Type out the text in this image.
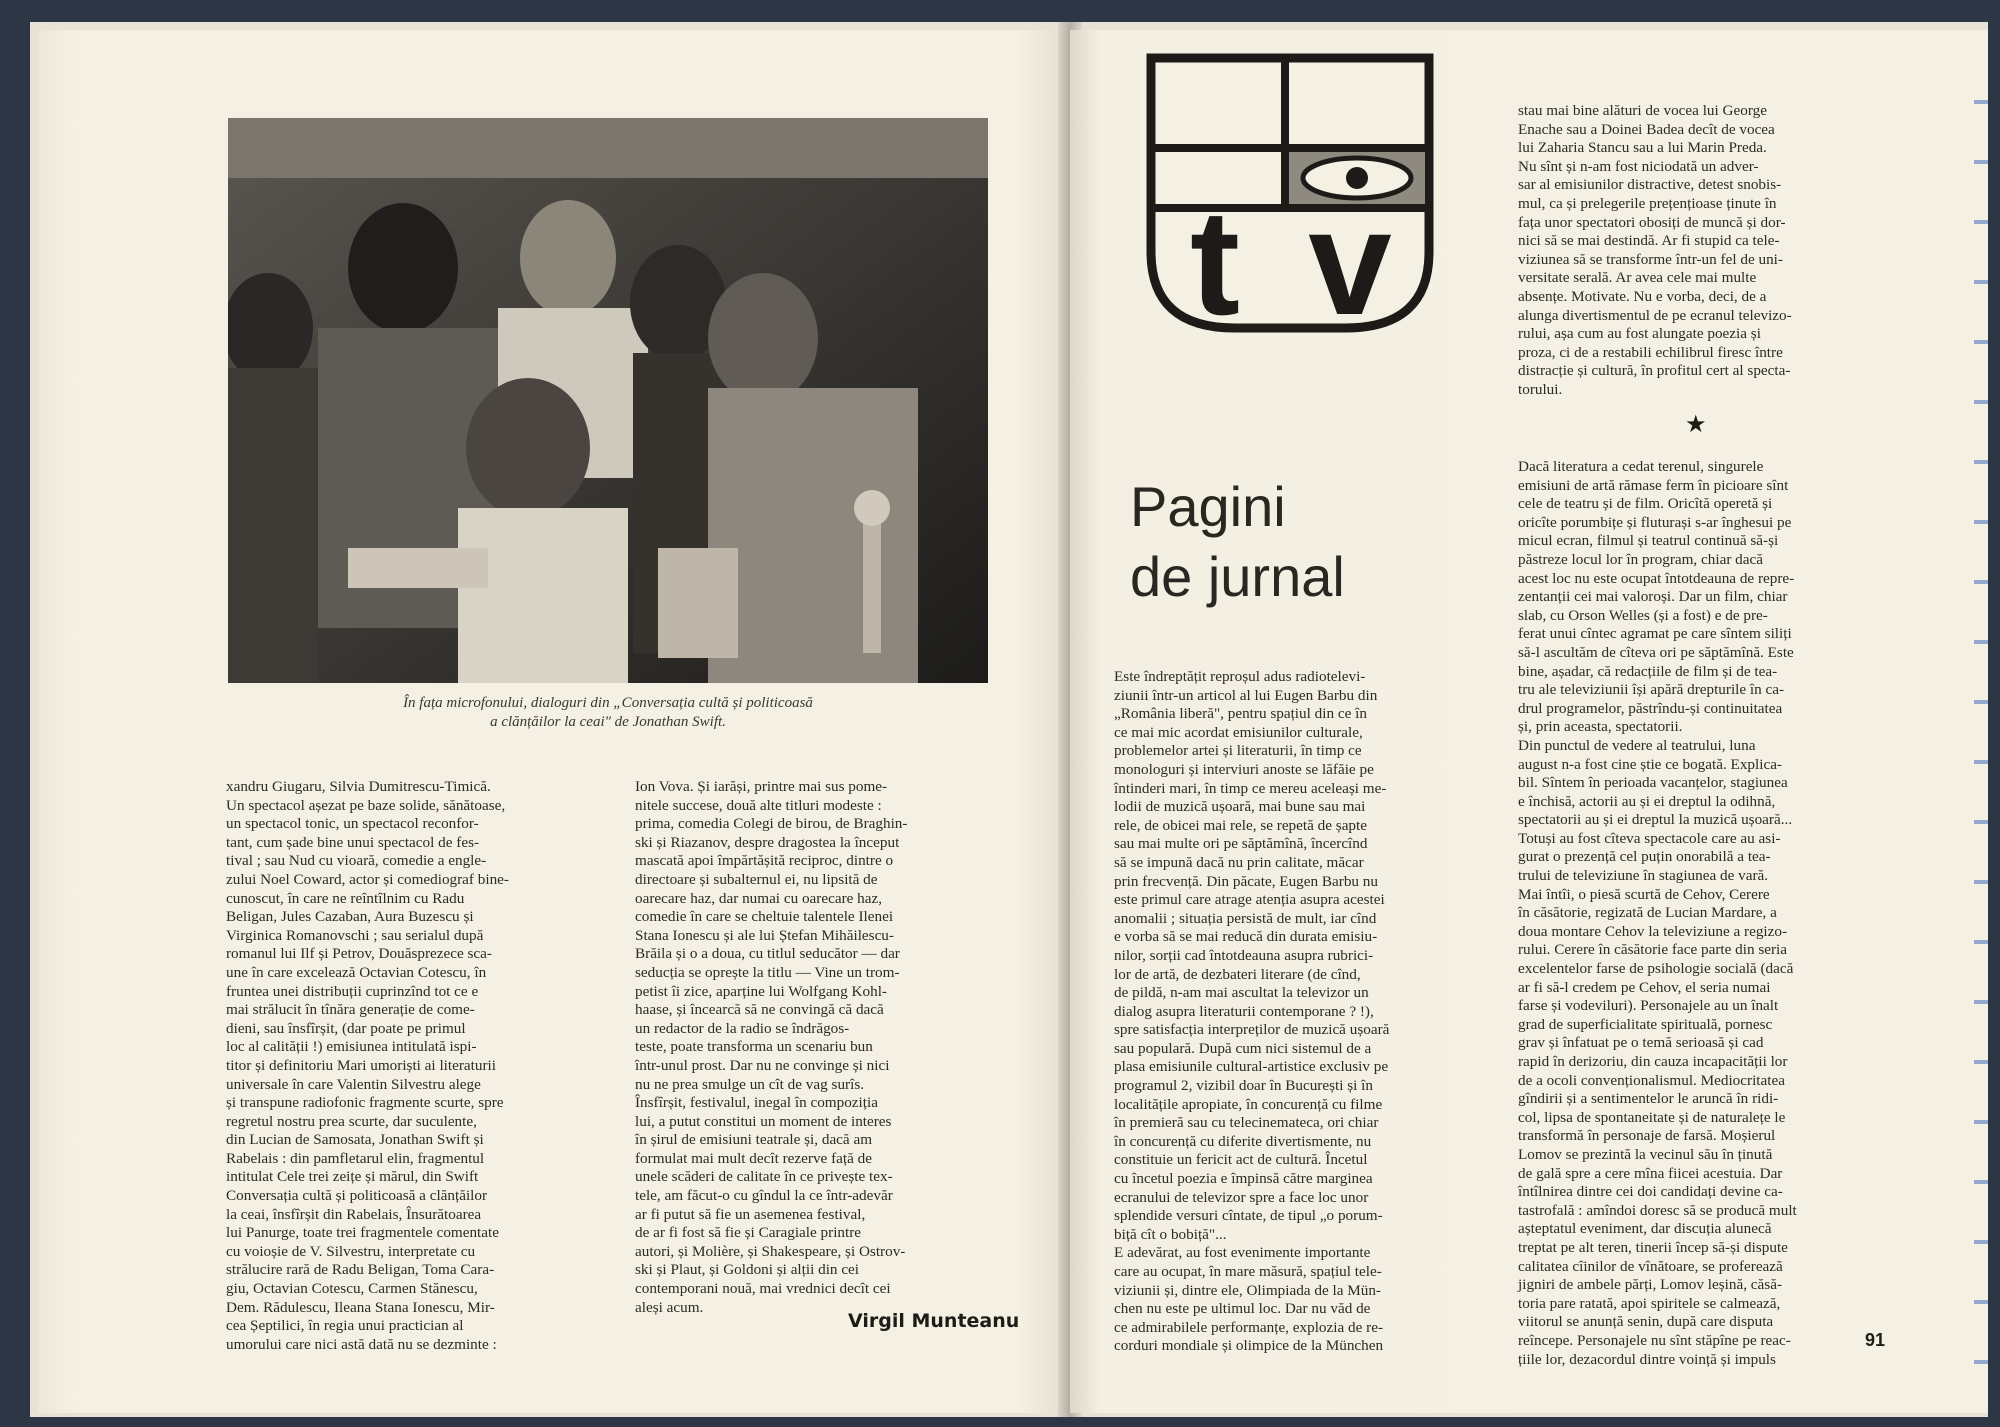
În fața microfonului, dialoguri din „Conversația cultă și politicoasă
a clănțăilor la ceai" de Jonathan Swift.
xandru Giugaru, Silvia Dumitrescu-Timică.
Un spectacol așezat pe baze solide, sănătoase,
un spectacol tonic, un spectacol reconfor-
tant, cum șade bine unui spectacol de fes-
tival ; sau Nud cu vioară, comedie a engle-
zului Noel Coward, actor și comediograf bine-
cunoscut, în care ne reîntîlnim cu Radu
Beligan, Jules Cazaban, Aura Buzescu și
Virginica Romanovschi ; sau serialul după
romanul lui Ilf și Petrov, Douăsprezece sca-
une în care excelează Octavian Cotescu, în
fruntea unei distribuții cuprinzînd tot ce e
mai strălucit în tînăra generație de come-
dieni, sau însfîrșit, (dar poate pe primul
loc al calității !) emisiunea intitulată ispi-
titor și definitoriu Mari umoriști ai literaturii
universale în care Valentin Silvestru alege
și transpune radiofonic fragmente scurte, spre
regretul nostru prea scurte, dar suculente,
din Lucian de Samosata, Jonathan Swift și
Rabelais : din pamfletarul elin, fragmentul
intitulat Cele trei zeițe și mărul, din Swift
Conversația cultă și politicoasă a clănțăilor
la ceai, însfîrșit din Rabelais, Însurătoarea
lui Panurge, toate trei fragmentele comentate
cu voioșie de V. Silvestru, interpretate cu
strălucire rară de Radu Beligan, Toma Cara-
giu, Octavian Cotescu, Carmen Stănescu,
Dem. Rădulescu, Ileana Stana Ionescu, Mir-
cea Șeptilici, în regia unui practician al
umorului care nici astă dată nu se dezminte :
Ion Vova. Și iarăși, printre mai sus pome-
nitele succese, două alte titluri modeste :
prima, comedia Colegi de birou, de Braghin-
ski și Riazanov, despre dragostea la început
mascată apoi împărtășită reciproc, dintre o
directoare și subalternul ei, nu lipsită de
oarecare haz, dar numai cu oarecare haz,
comedie în care se cheltuie talentele Ilenei
Stana Ionescu și ale lui Ștefan Mihăilescu-
Brăila și o a doua, cu titlul seducător — dar
seducția se oprește la titlu — Vine un trom-
petist îi zice, aparține lui Wolfgang Kohl-
haase, și încearcă să ne convingă că dacă
un redactor de la radio se îndrăgos-
teste, poate transforma un scenariu bun
într-unul prost. Dar nu ne convinge și nici
nu ne prea smulge un cît de vag surîs.
Însfîrșit, festivalul, inegal în compoziția
lui, a putut constitui un moment de interes
în șirul de emisiuni teatrale și, dacă am
formulat mai mult decît rezerve față de
unele scăderi de calitate în ce privește tex-
tele, am făcut-o cu gîndul la ce într-adevăr
ar fi putut să fie un asemenea festival,
de ar fi fost să fie și Caragiale printre
autori, și Molière, și Shakespeare, și Ostrov-
ski și Plaut, și Goldoni și alții din cei
contemporani nouă, mai vrednici decît cei
aleși acum.
Virgil Munteanu
t v
Pagini
de jurnal
Este îndreptățit reproșul adus radiotelevi-
ziunii într-un articol al lui Eugen Barbu din
„România liberă", pentru spațiul din ce în
ce mai mic acordat emisiunilor culturale,
problemelor artei și literaturii, în timp ce
monologuri și interviuri anoste se lăfăie pe
întinderi mari, în timp ce mereu aceleași me-
lodii de muzică ușoară, mai bune sau mai
rele, de obicei mai rele, se repetă de șapte
sau mai multe ori pe săptămînă, încercînd
să se impună dacă nu prin calitate, măcar
prin frecvență. Din păcate, Eugen Barbu nu
este primul care atrage atenția asupra acestei
anomalii ; situația persistă de mult, iar cînd
e vorba să se mai reducă din durata emisiu-
nilor, sorții cad întotdeauna asupra rubrici-
lor de artă, de dezbateri literare (de cînd,
de pildă, n-am mai ascultat la televizor un
dialog asupra literaturii contemporane ? !),
spre satisfacția interpreților de muzică ușoară
sau populară. După cum nici sistemul de a
plasa emisiunile cultural-artistice exclusiv pe
programul 2, vizibil doar în București și în
localitățile apropiate, în concurență cu filme
în premieră sau cu telecinemateca, ori chiar
în concurență cu diferite divertismente, nu
constituie un fericit act de cultură. Încetul
cu încetul poezia e împinsă către marginea
ecranului de televizor spre a face loc unor
splendide versuri cîntate, de tipul „o porum-
biță cît o bobiță"...
E adevărat, au fost evenimente importante
care au ocupat, în mare măsură, spațiul tele-
viziunii și, dintre ele, Olimpiada de la Mün-
chen nu este pe ultimul loc. Dar nu văd de
ce admirabilele performanțe, explozia de re-
corduri mondiale și olimpice de la München
stau mai bine alături de vocea lui George
Enache sau a Doinei Badea decît de vocea
lui Zaharia Stancu sau a lui Marin Preda.
Nu sînt și n-am fost niciodată un adver-
sar al emisiunilor distractive, detest snobis-
mul, ca și prelegerile prețențioase ținute în
fața unor spectatori obosiți de muncă și dor-
nici să se mai destindă. Ar fi stupid ca tele-
viziunea să se transforme într-un fel de uni-
versitate serală. Ar avea cele mai multe
absențe. Motivate. Nu e vorba, deci, de a
alunga divertismentul de pe ecranul televizo-
rului, așa cum au fost alungate poezia și
proza, ci de a restabili echilibrul firesc între
distracție și cultură, în profitul cert al specta-
torului.
★
Dacă literatura a cedat terenul, singurele
emisiuni de artă rămase ferm în picioare sînt
cele de teatru și de film. Oricîtă operetă și
oricîte porumbițe și fluturași s-ar înghesui pe
micul ecran, filmul și teatrul continuă să-și
păstreze locul lor în program, chiar dacă
acest loc nu este ocupat întotdeauna de repre-
zentanții cei mai valoroși. Dar un film, chiar
slab, cu Orson Welles (și a fost) e de pre-
ferat unui cîntec agramat pe care sîntem siliți
să-l ascultăm de cîteva ori pe săptămînă. Este
bine, așadar, că redacțiile de film și de tea-
tru ale televiziunii își apără drepturile în ca-
drul programelor, păstrîndu-și continuitatea
și, prin aceasta, spectatorii.
Din punctul de vedere al teatrului, luna
august n-a fost cine știe ce bogată. Explica-
bil. Sîntem în perioada vacanțelor, stagiunea
e închisă, actorii au și ei dreptul la odihnă,
spectatorii au și ei dreptul la muzică ușoară...
Totuși au fost cîteva spectacole care au asi-
gurat o prezență cel puțin onorabilă a tea-
trului de televiziune în stagiunea de vară.
Mai întîi, o piesă scurtă de Cehov, Cerere
în căsătorie, regizată de Lucian Mardare, a
doua montare Cehov la televiziune a regizo-
rului. Cerere în căsătorie face parte din seria
excelentelor farse de psihologie socială (dacă
ar fi să-l credem pe Cehov, el seria numai
farse și vodeviluri). Personajele au un înalt
grad de superficialitate spirituală, pornesc
grav și înfatuat pe o temă serioasă și cad
rapid în derizoriu, din cauza incapacității lor
de a ocoli convenționalismul. Mediocritatea
gîndirii și a sentimentelor le aruncă în ridi-
col, lipsa de spontaneitate și de naturalețe le
transformă în personaje de farsă. Moșierul
Lomov se prezintă la vecinul său în ținută
de gală spre a cere mîna fiicei acestuia. Dar
întîlnirea dintre cei doi candidați devine ca-
tastrofală : amîndoi doresc să se producă mult
așteptatul eveniment, dar discuția alunecă
treptat pe alt teren, tinerii încep să-și dispute
calitatea cîinilor de vînătoare, se proferează
jigniri de ambele părți, Lomov leșină, căsă-
toria pare ratată, apoi spiritele se calmează,
viitorul se anunță senin, după care disputa
reîncepe. Personajele nu sînt stăpîne pe reac-
țiile lor, dezacordul dintre voință și impuls
91
